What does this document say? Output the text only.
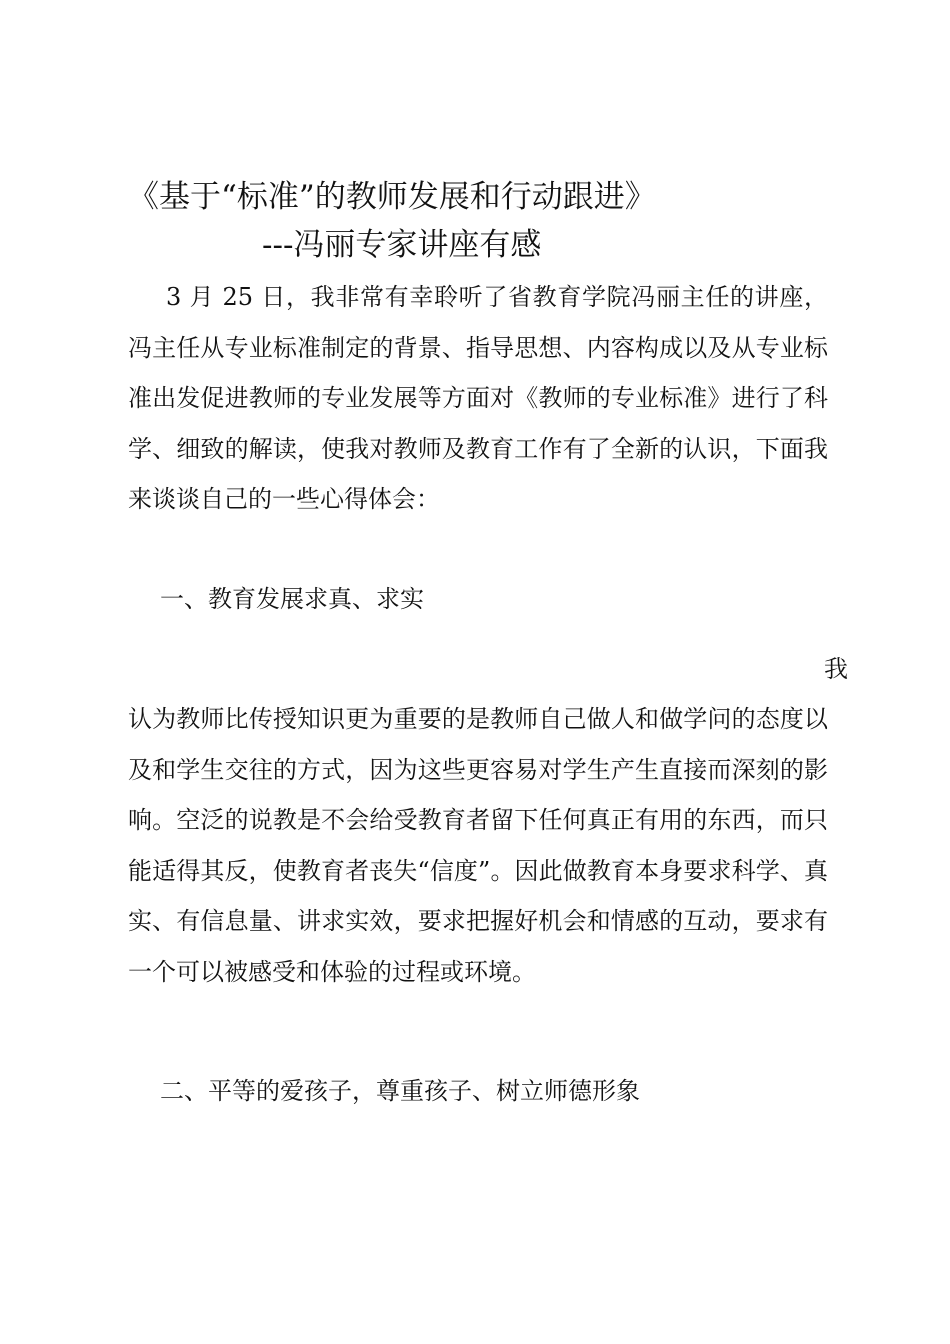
《基于“标准”的教师发展和行动跟进》
---冯丽专家讲座有感

3 月 25 日，我非常有幸聆听了省教育学院冯丽主任的讲座，冯主任从专业标准制定的背景、指导思想、内容构成以及从专业标准出发促进教师的专业发展等方面对《教师的专业标准》进行了科学、细致的解读，使我对教师及教育工作有了全新的认识，下面我来谈谈自己的一些心得体会：

一、教育发展求真、求实

我

认为教师比传授知识更为重要的是教师自己做人和做学问的态度以及和学生交往的方式，因为这些更容易对学生产生直接而深刻的影响。空泛的说教是不会给受教育者留下任何真正有用的东西，而只能适得其反，使教育者丧失“信度”。因此做教育本身要求科学、真实、有信息量、讲求实效，要求把握好机会和情感的互动，要求有一个可以被感受和体验的过程或环境。

二、平等的爱孩子，尊重孩子、树立师德形象
